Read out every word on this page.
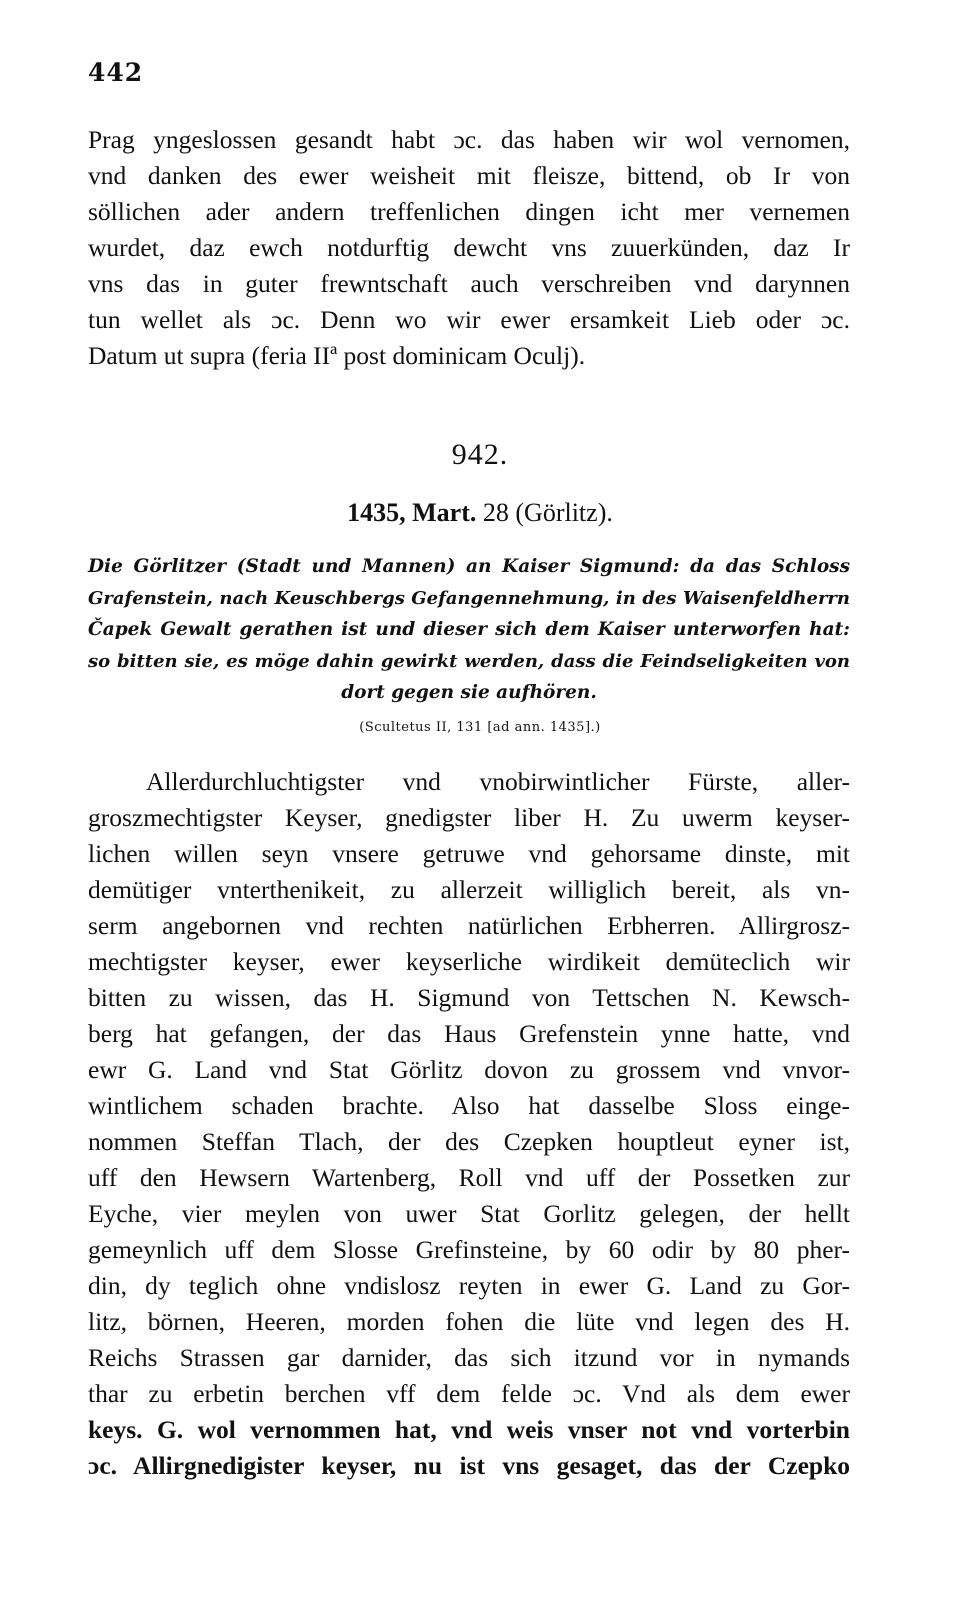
442
Prag yngeslossen gesandt habt ɔc. das haben wir wol vernomen,
vnd danken des ewer weisheit mit fleisze, bittend, ob Ir von
söllichen ader andern treffenlichen dingen icht mer vernemen
wurdet, daz ewch notdurftig dewcht vns zuuerkünden, daz Ir
vns das in guter frewntschaft auch verschreiben vnd darynnen
tun wellet als ɔc. Denn wo wir ewer ersamkeit Lieb oder ɔc.
Datum ut supra (feria IIª post dominicam Oculj).
942.
1435, Mart. 28 (Görlitz).
Die Görlitzer (Stadt und Mannen) an Kaiser Sigmund: da das Schloss
Grafenstein, nach Keuschbergs Gefangennehmung, in des Waisenfeldherrn
Čapek Gewalt gerathen ist und dieser sich dem Kaiser unterworfen hat:
so bitten sie, es möge dahin gewirkt werden, dass die Feindseligkeiten von
dort gegen sie aufhören.
(Scultetus II, 131 [ad ann. 1435].)
Allerdurchluchtigster vnd vnobirwintlicher Fürste, aller-
groszmechtigster Keyser, gnedigster liber H. Zu uwerm keyser-
lichen willen seyn vnsere getruwe vnd gehorsame dinste, mit
demütiger vnterthenikeit, zu allerzeit williglich bereit, als vn-
serm angebornen vnd rechten natürlichen Erbherren. Allirgrosz-
mechtigster keyser, ewer keyserliche wirdikeit demüteclich wir
bitten zu wissen, das H. Sigmund von Tettschen N. Kewsch-
berg hat gefangen, der das Haus Grefenstein ynne hatte, vnd
ewr G. Land vnd Stat Görlitz dovon zu grossem vnd vnvor-
wintlichem schaden brachte. Also hat dasselbe Sloss einge-
nommen Steffan Tlach, der des Czepken houptleut eyner ist,
uff den Hewsern Wartenberg, Roll vnd uff der Possetken zur
Eyche, vier meylen von uwer Stat Gorlitz gelegen, der hellt
gemeynlich uff dem Slosse Grefinsteine, by 60 odir by 80 pher-
din, dy teglich ohne vndislosz reyten in ewer G. Land zu Gor-
litz, börnen, Heeren, morden fohen die lüte vnd legen des H.
Reichs Strassen gar darnider, das sich itzund vor in nymands
thar zu erbetin berchen vff dem felde ɔc. Vnd als dem ewer
keys. G. wol vernommen hat, vnd weis vnser not vnd vorterbin
ɔc. Allirgnedigister keyser, nu ist vns gesaget, das der Czepko
